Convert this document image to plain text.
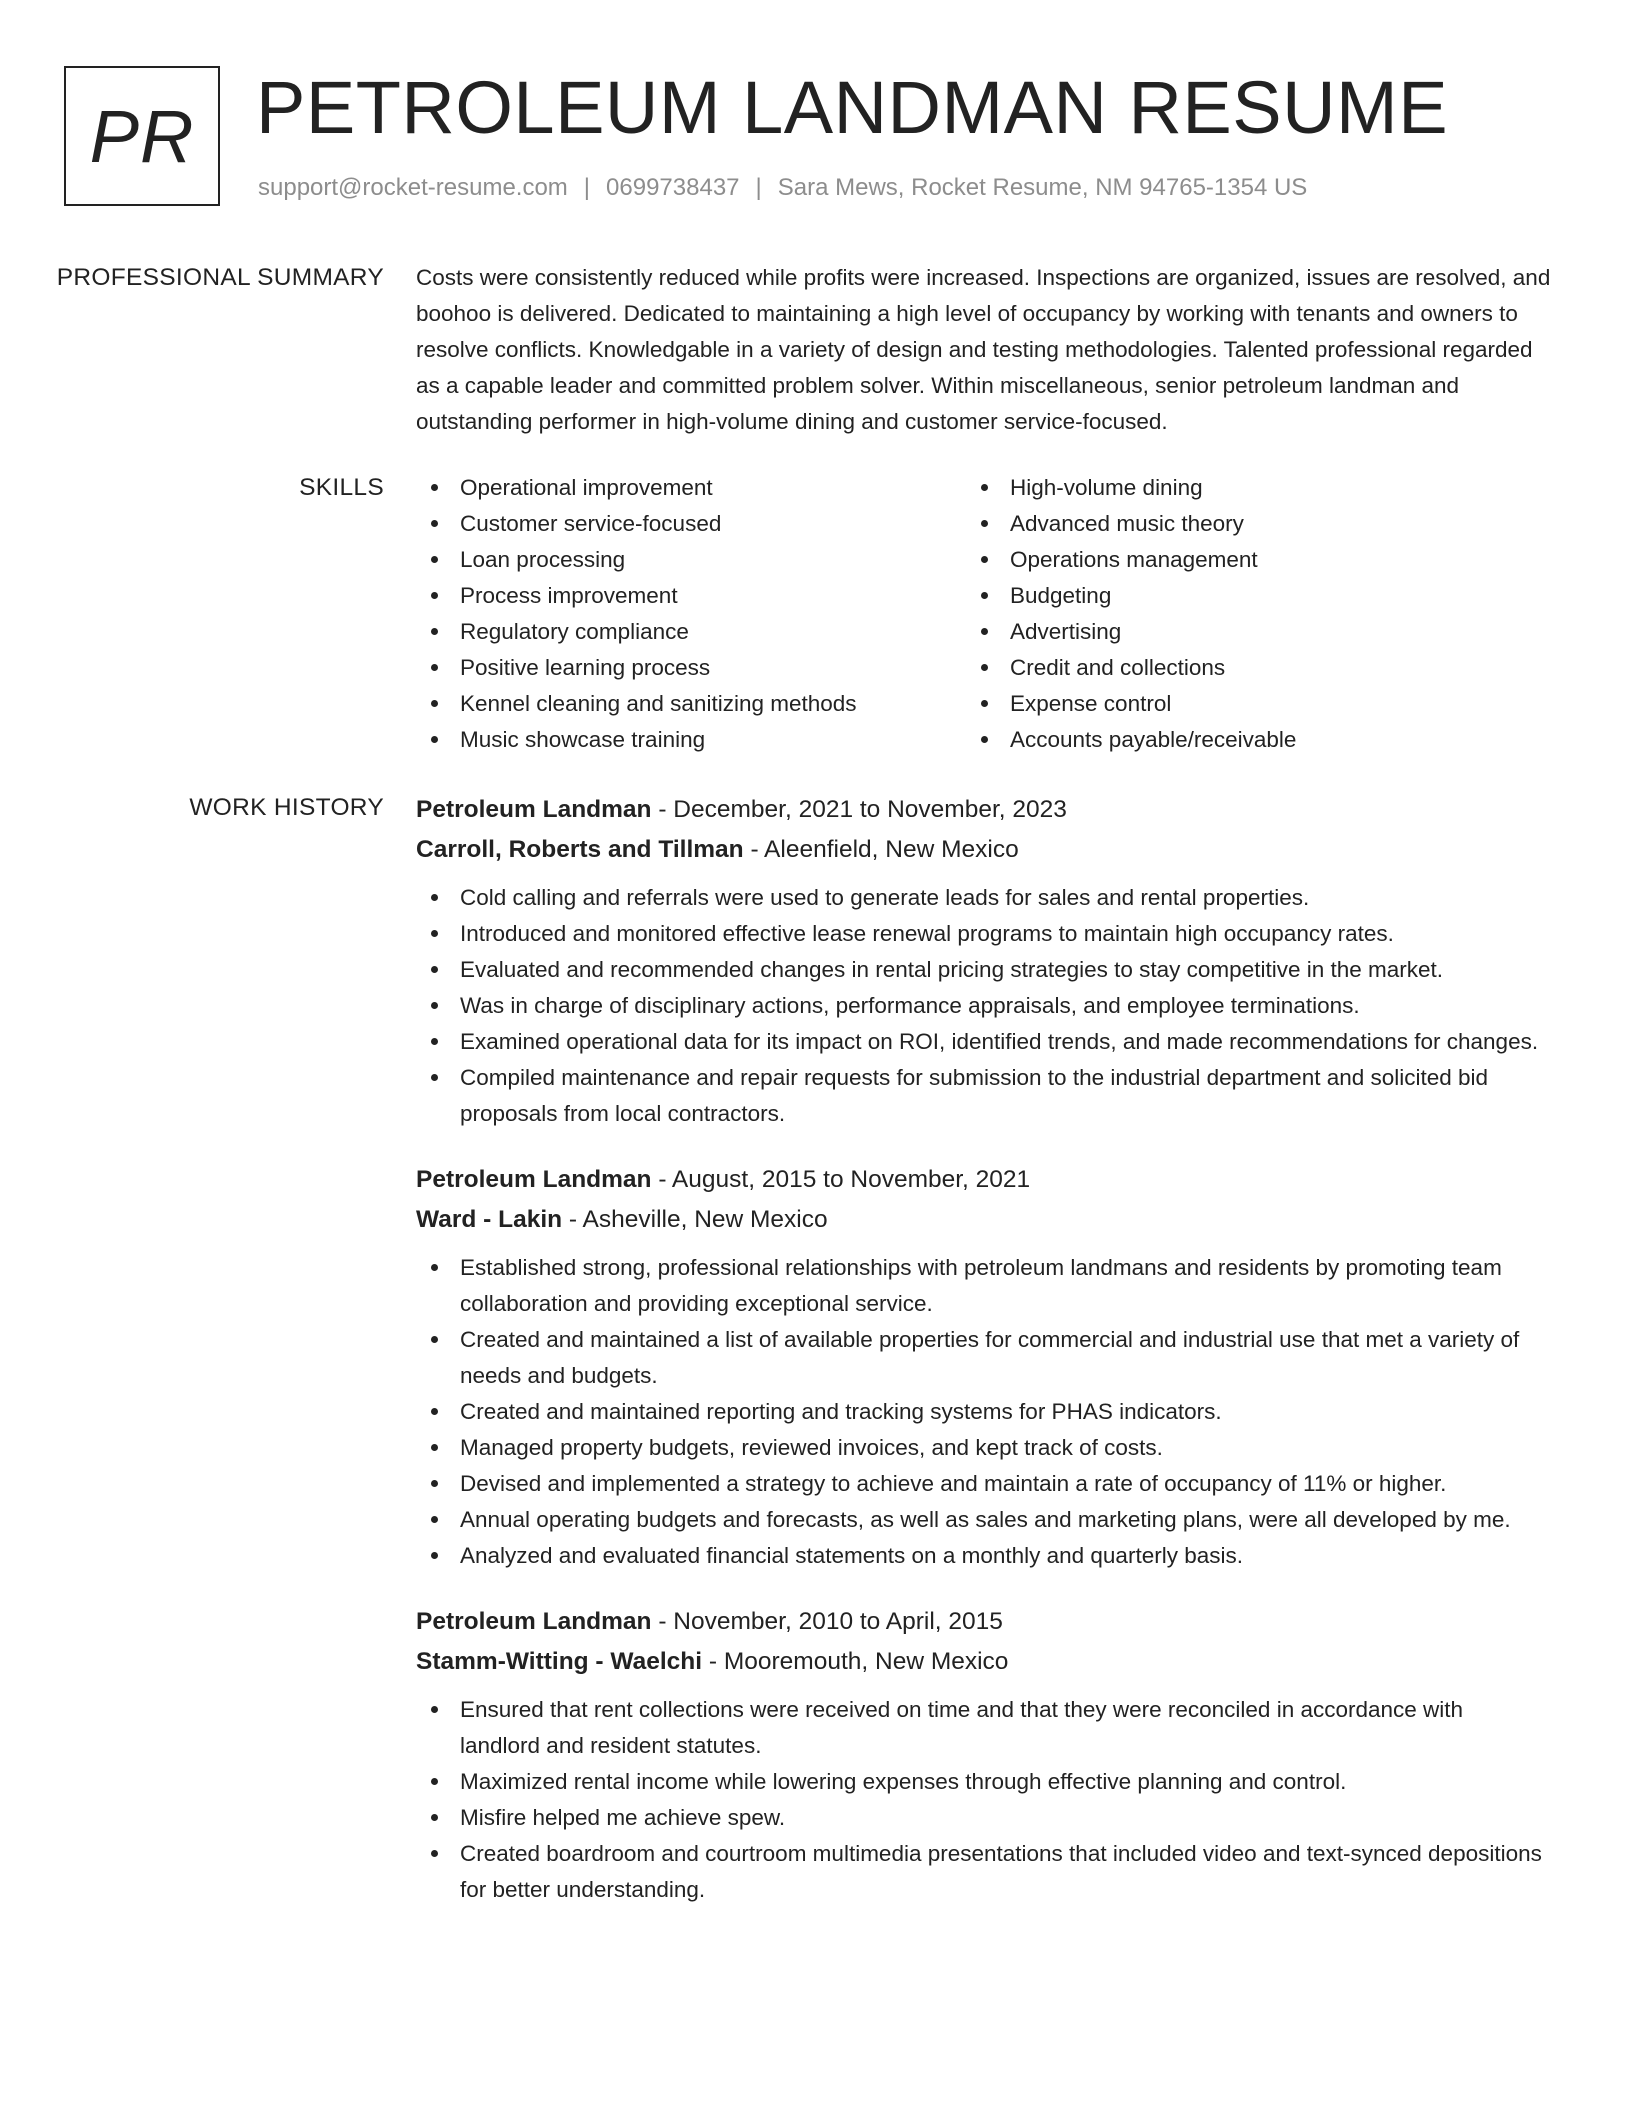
PR PETROLEUM LANDMAN RESUME
support@rocket-resume.com | 0699738437 | Sara Mews, Rocket Resume, NM 94765-1354 US
PROFESSIONAL SUMMARY	Costs were consistently reduced while profits were increased. Inspections are organized, issues are resolved, and boohoo is delivered. Dedicated to maintaining a high level of occupancy by working with tenants and owners to resolve conflicts. Knowledgable in a variety of design and testing methodologies. Talented professional regarded as a capable leader and committed problem solver. Within miscellaneous, senior petroleum landman and outstanding performer in high-volume dining and customer service-focused.

SKILLS	Operational improvement
Customer service-focused
Loan processing
Process improvement
Regulatory compliance
Positive learning process
Kennel cleaning and sanitizing methods
Music showcase training
High-volume dining
Advanced music theory
Operations management
Budgeting
Advertising
Credit and collections
Expense control
Accounts payable/receivable
WORK HISTORY	Petroleum Landman - December, 2021 to November, 2023
Carroll, Roberts and Tillman - Aleenfield, New Mexico
Cold calling and referrals were used to generate leads for sales and rental properties.
Introduced and monitored effective lease renewal programs to maintain high occupancy rates.
Evaluated and recommended changes in rental pricing strategies to stay competitive in the market.
Was in charge of disciplinary actions, performance appraisals, and employee terminations.
Examined operational data for its impact on ROI, identified trends, and made recommendations for changes.
Compiled maintenance and repair requests for submission to the industrial department and solicited bid proposals from local contractors.
Petroleum Landman - August, 2015 to November, 2021
Ward - Lakin - Asheville, New Mexico
Established strong, professional relationships with petroleum landmans and residents by promoting team collaboration and providing exceptional service.
Created and maintained a list of available properties for commercial and industrial use that met a variety of needs and budgets.
Created and maintained reporting and tracking systems for PHAS indicators.
Managed property budgets, reviewed invoices, and kept track of costs.
Devised and implemented a strategy to achieve and maintain a rate of occupancy of 11% or higher.
Annual operating budgets and forecasts, as well as sales and marketing plans, were all developed by me.
Analyzed and evaluated financial statements on a monthly and quarterly basis.
Petroleum Landman - November, 2010 to April, 2015
Stamm-Witting - Waelchi - Mooremouth, New Mexico
Ensured that rent collections were received on time and that they were reconciled in accordance with landlord and resident statutes.
Maximized rental income while lowering expenses through effective planning and control.
Misfire helped me achieve spew.
Created boardroom and courtroom multimedia presentations that included video and text-synced depositions for better understanding.
